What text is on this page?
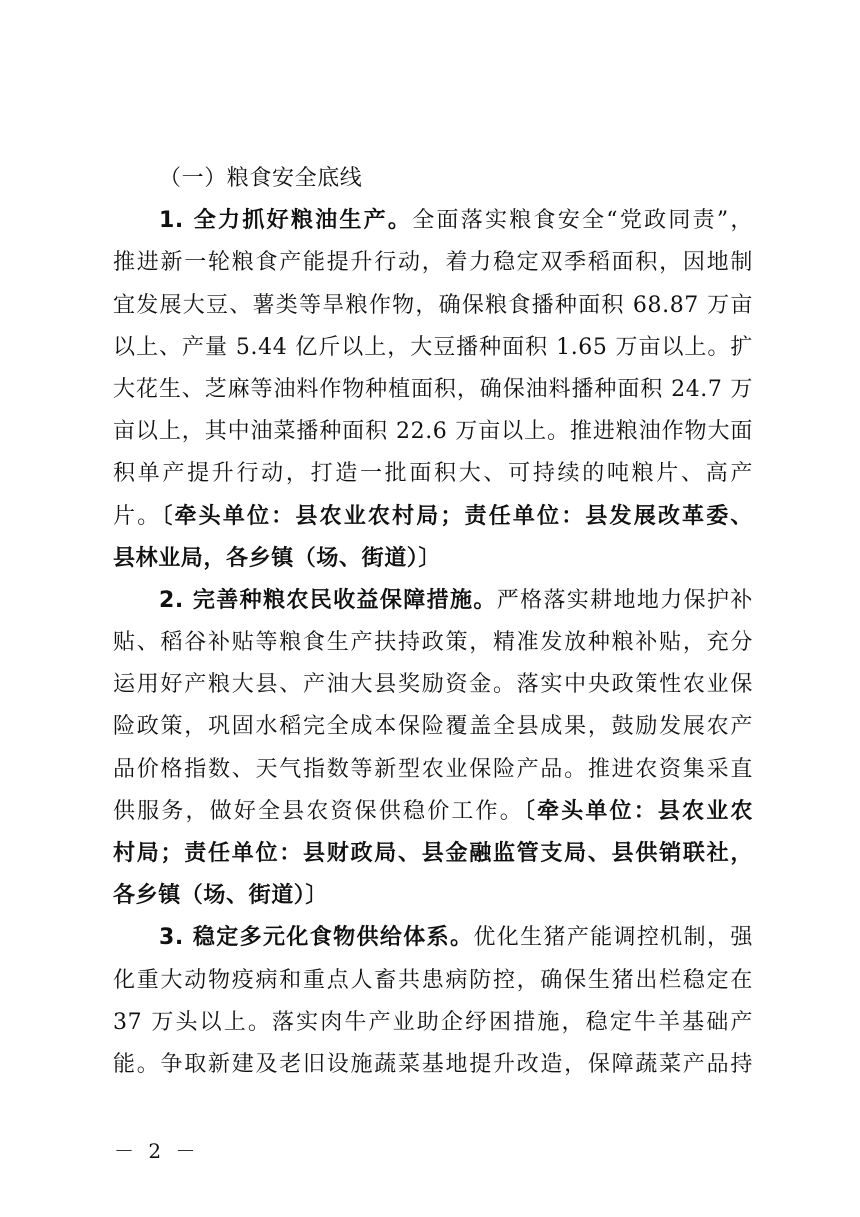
（一）粮食安全底线
1. 全力抓好粮油生产。全面落实粮食安全“党政同责”，
推进新一轮粮食产能提升行动，着力稳定双季稻面积，因地制
宜发展大豆、薯类等旱粮作物，确保粮食播种面积 68.87 万亩
以上、产量 5.44 亿斤以上，大豆播种面积 1.65 万亩以上。扩
大花生、芝麻等油料作物种植面积，确保油料播种面积 24.7 万
亩以上，其中油菜播种面积 22.6 万亩以上。推进粮油作物大面
积单产提升行动，打造一批面积大、可持续的吨粮片、高产
片。〔牵头单位：县农业农村局；责任单位：县发展改革委、
县林业局，各乡镇（场、街道）〕
2. 完善种粮农民收益保障措施。严格落实耕地地力保护补
贴、稻谷补贴等粮食生产扶持政策，精准发放种粮补贴，充分
运用好产粮大县、产油大县奖励资金。落实中央政策性农业保
险政策，巩固水稻完全成本保险覆盖全县成果，鼓励发展农产
品价格指数、天气指数等新型农业保险产品。推进农资集采直
供服务，做好全县农资保供稳价工作。〔牵头单位：县农业农
村局；责任单位：县财政局、县金融监管支局、县供销联社，
各乡镇（场、街道）〕
3. 稳定多元化食物供给体系。优化生猪产能调控机制，强
化重大动物疫病和重点人畜共患病防控，确保生猪出栏稳定在
37 万头以上。落实肉牛产业助企纾困措施，稳定牛羊基础产
能。争取新建及老旧设施蔬菜基地提升改造，保障蔬菜产品持
－ 2 －
